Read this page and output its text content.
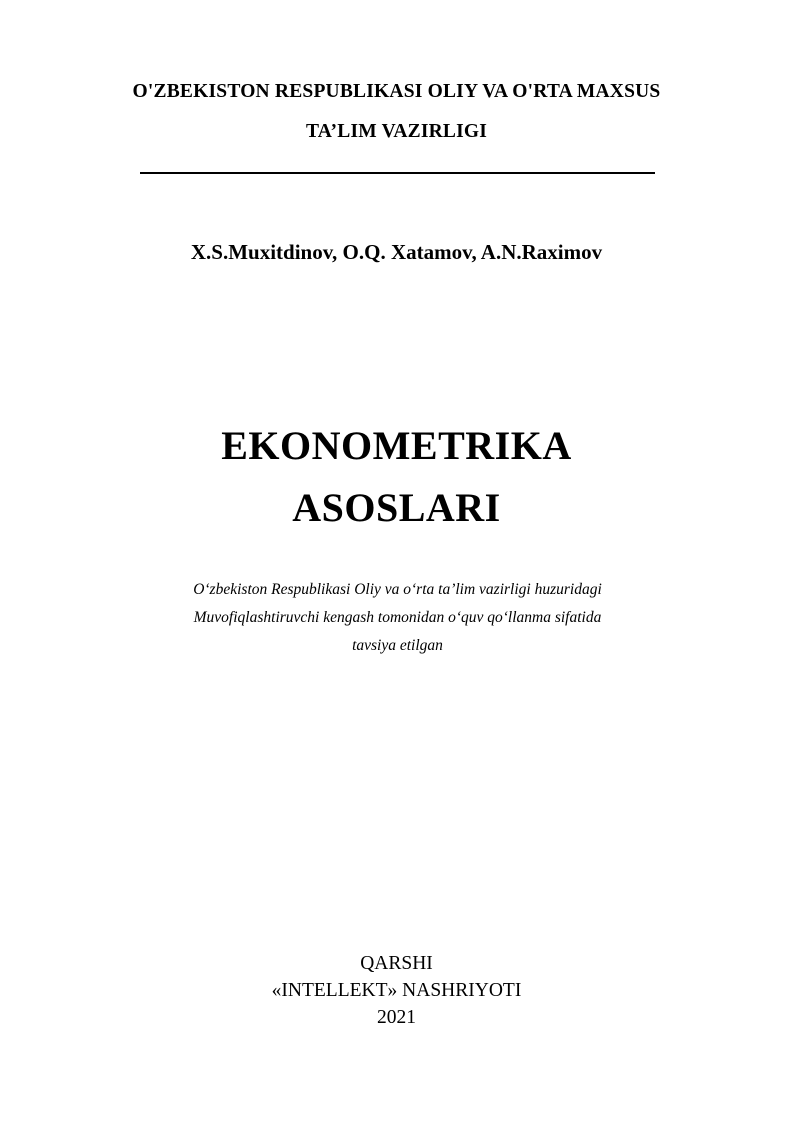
O'ZBEKISTON RESPUBLIKASI OLIY VA O'RTA MAXSUS
TA’LIM VAZIRLIGI
X.S.Muxitdinov, O.Q. Xatamov, A.N.Raximov
EKONOMETRIKA
ASOSLARI
O‘zbekiston Respublikasi Oliy va o‘rta ta’lim vazirligi huzuridagi
Muvofiqlashtiruvchi kengash tomonidan o‘quv qo‘llanma sifatida
tavsiya etilgan
QARSHI
«INTELLEKT» NASHRIYOTI
2021
